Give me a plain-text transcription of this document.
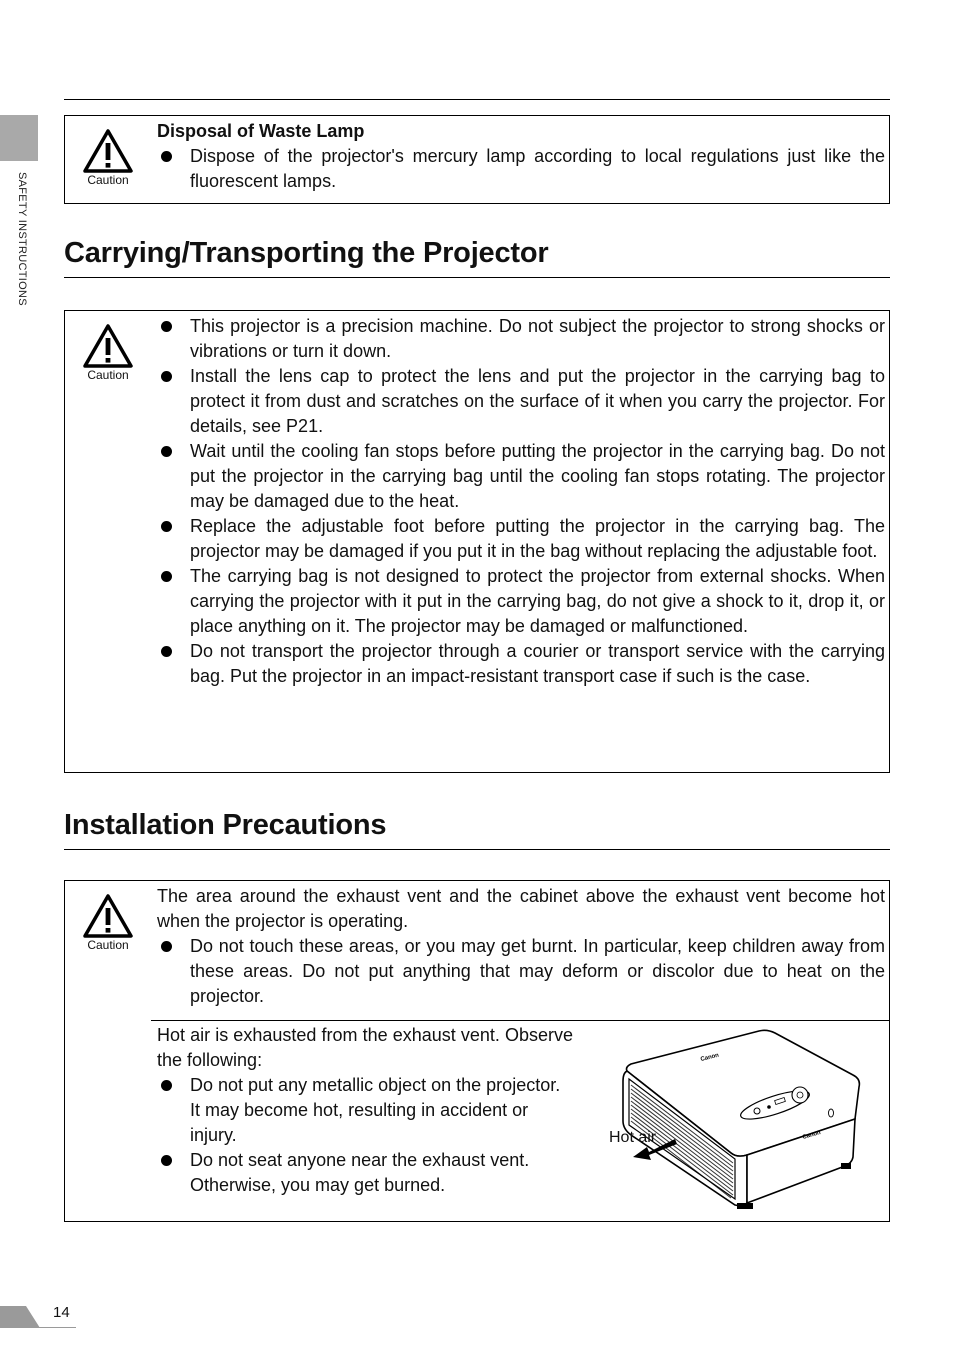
SAFETY INSTRUCTIONS	Caution
Disposal of Waste Lamp
Dispose of the projector's mercury lamp according to local regulations just like the fluorescent lamps.
Carrying/Transporting the Projector
Caution
This projector is a precision machine. Do not subject the projector to strong shocks or vibrations or turn it down.
Install the lens cap to protect the lens and put the projector in the carrying bag to protect it from dust and scratches on the surface of it when you carry the projector. For details, see P21.
Wait until the cooling fan stops before putting the projector in the carrying bag. Do not put the projector in the carrying bag until the cooling fan stops rotating. The projector may be damaged due to the heat.
Replace the adjustable foot before putting the projector in the carrying bag. The projector may be damaged if you put it in the bag without replacing the adjustable foot.
The carrying bag is not designed to protect the projector from external shocks. When carrying the projector with it put in the carrying bag, do not give a shock to it, drop it, or place anything on it. The projector may be damaged or malfunctioned.
Do not transport the projector through a courier or transport service with the carrying bag. Put the projector in an impact-resistant transport case if such is the case.
Installation Precautions
Caution

The area around the exhaust vent and the cabinet above the exhaust vent become hot when the projector is operating.

Do not touch these areas, or you may get burnt. In particular, keep children away from these areas. Do not put anything that may deform or discolor due to heat on the projector.

Hot air is exhausted from the exhaust vent. Observe the following:

Do not put any metallic object on the projector. It may become hot, resulting in accident or injury.
Do not seat anyone near the exhaust vent. Otherwise, you may get burned.
Canon
Canon
Hot air
14
